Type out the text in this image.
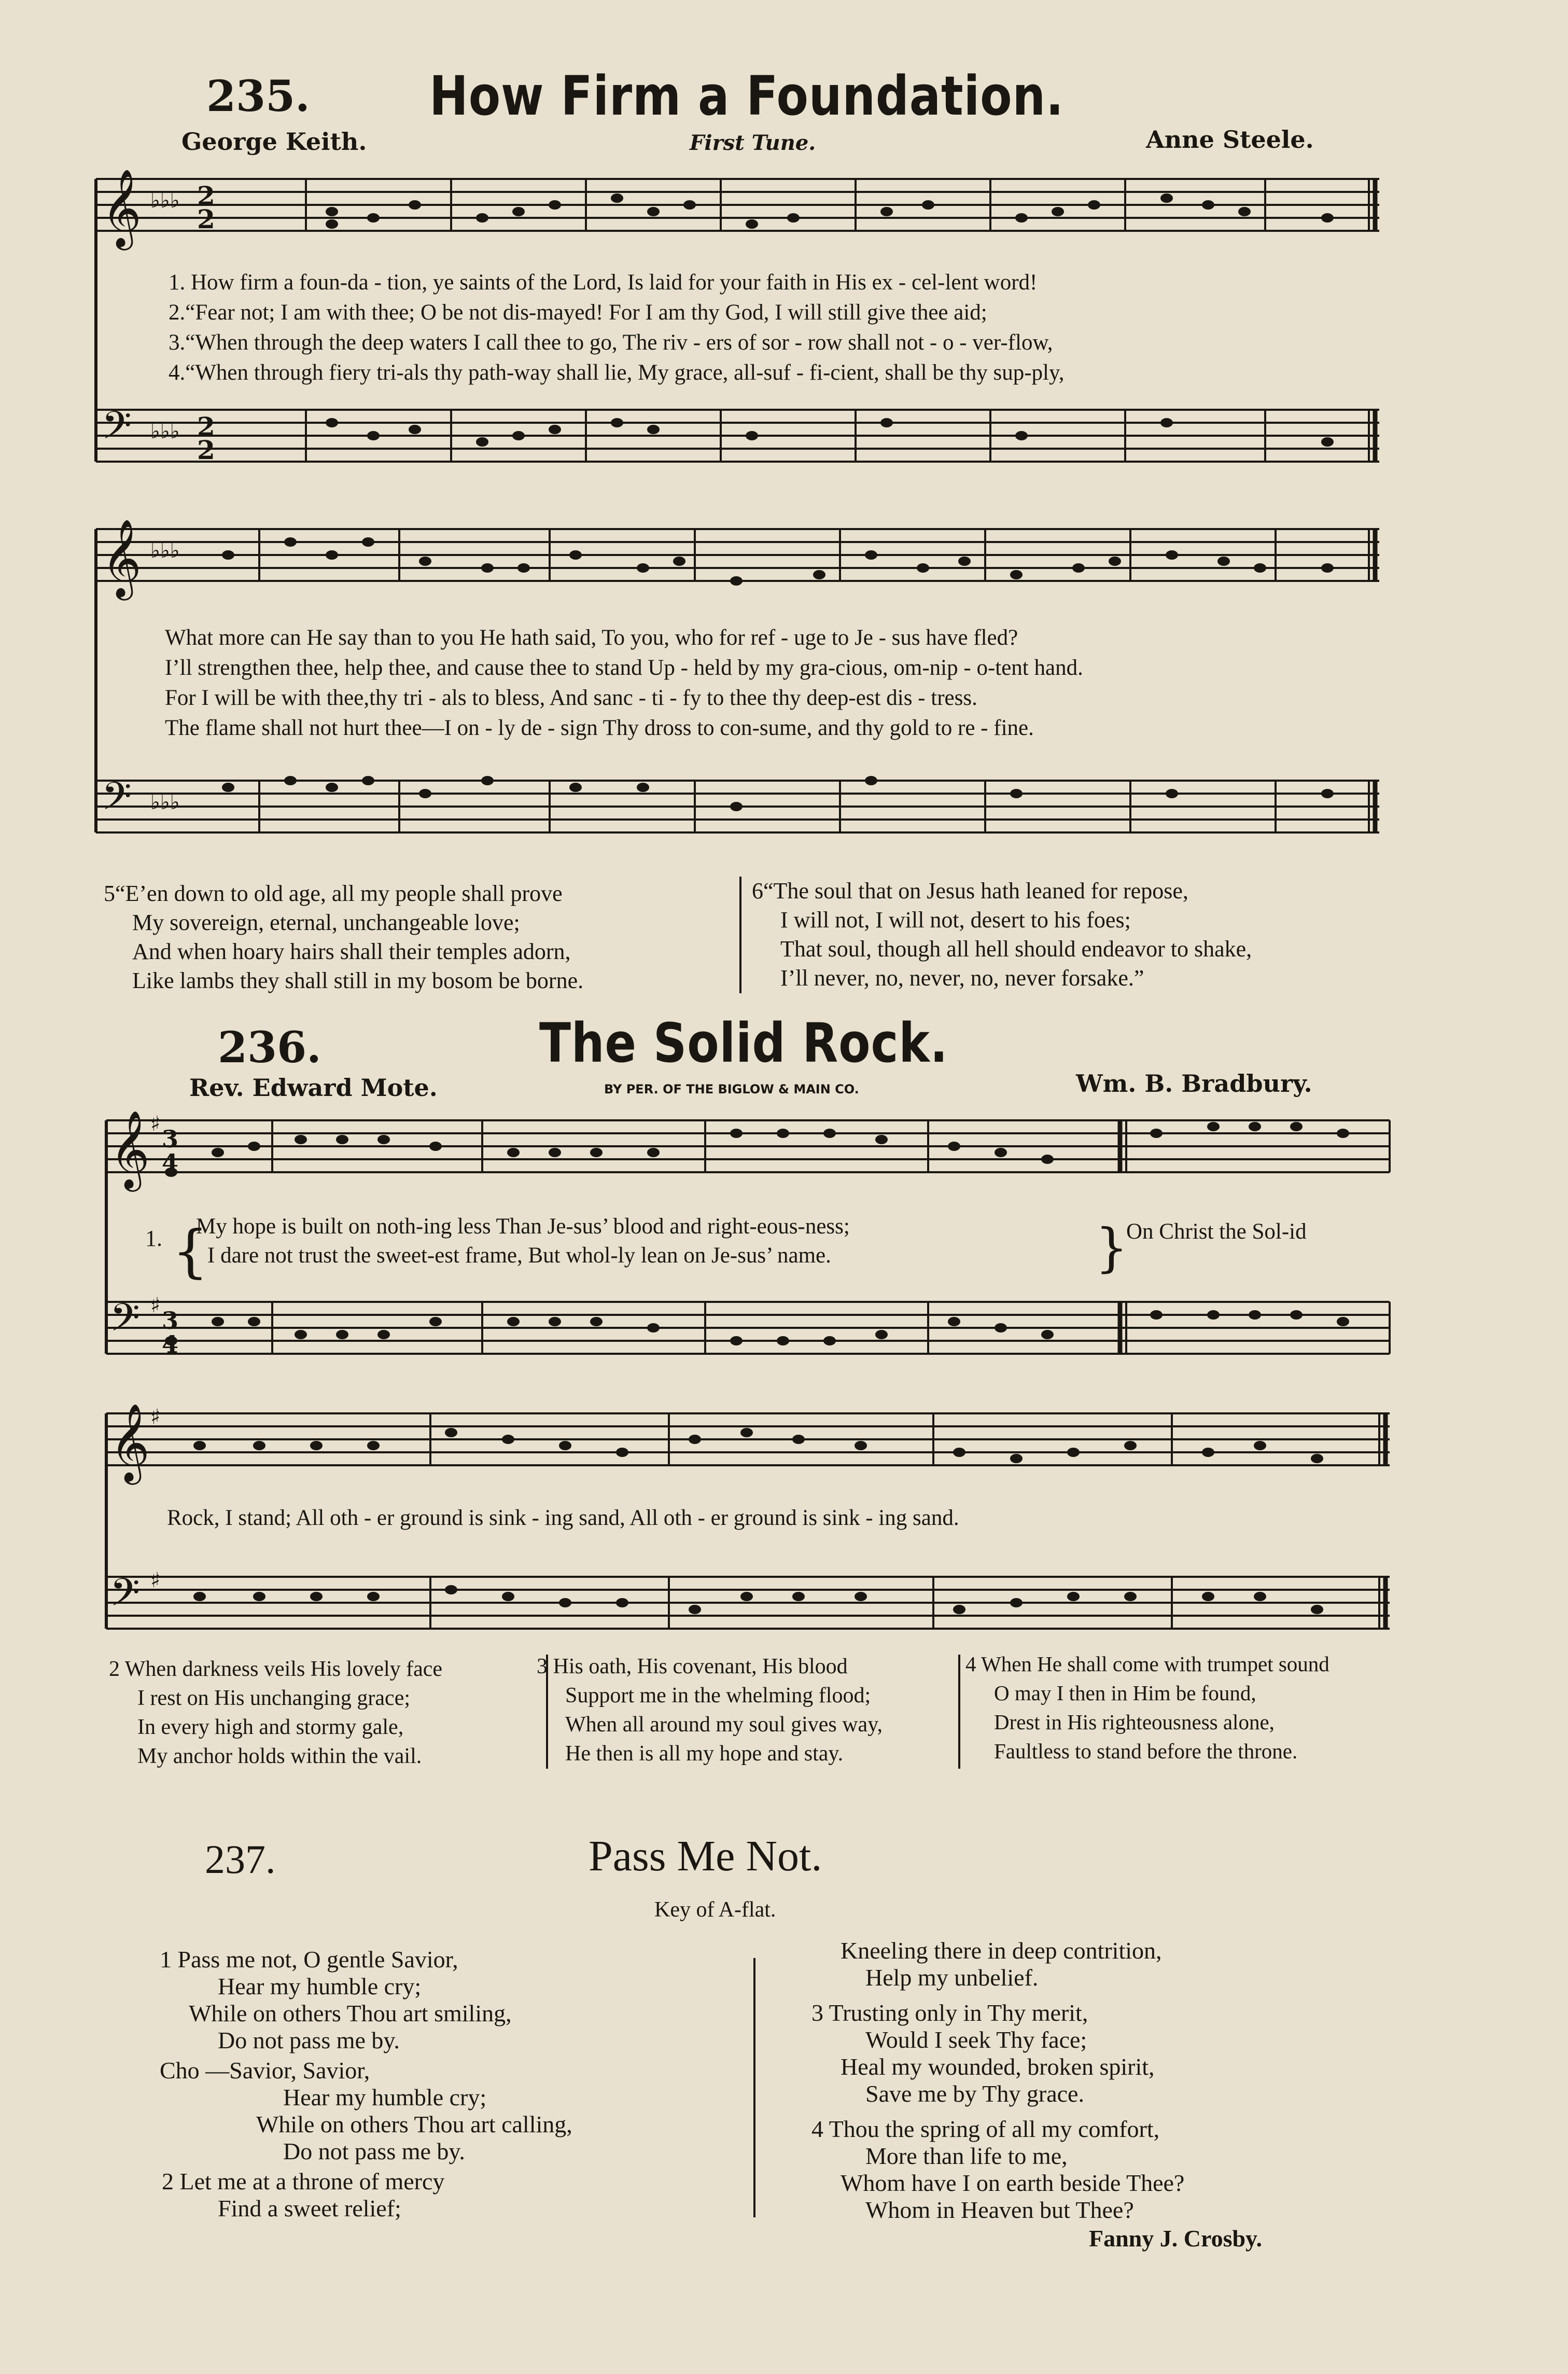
235. How Firm a Foundation.
George Keith.	First Tune.	Anne Steele.
𝄞
𝄢
♭♭♭
♭♭♭
2
2
2
2
𝄞
𝄢
♭♭♭
♭♭♭
1. How firm a foun-da - tion, ye saints of the Lord, Is laid for your faith in His ex - cel-lent word!
2.“Fear not; I am with thee; O be not dis-mayed! For I am thy God, I will still give thee aid;
3.“When through the deep waters I call thee to go, The riv - ers of sor - row shall not - o - ver-flow,
4.“When through fiery tri-als thy path-way shall lie, My grace, all-suf - fi-cient, shall be thy sup-ply,
What more can He say than to you He hath said, To you, who for ref - uge to Je - sus have fled?
I’ll strengthen thee, help thee, and cause thee to stand Up - held by my gra-cious, om-nip - o-tent hand.
For I will be with thee,thy tri - als to bless, And sanc - ti - fy to thee thy deep-est dis - tress.
The flame shall not hurt thee—I on - ly de - sign Thy dross to con-sume, and thy gold to re - fine.
5“E’en down to old age, all my people shall prove
My sovereign, eternal, unchangeable love;
And when hoary hairs shall their temples adorn,
Like lambs they shall still in my bosom be borne.
6“The soul that on Jesus hath leaned for repose,
I will not, I will not, desert to his foes;
That soul, though all hell should endeavor to shake,
I’ll never, no, never, no, never forsake.”
236.	The Solid Rock.
Rev. Edward Mote.	BY PER. OF THE BIGLOW & MAIN CO.	Wm. B. Bradbury.
𝄞
𝄢
♯
♯
3
4
3
4
𝄞
𝄢
♯
♯
{	}
1. My hope is built on noth-ing less Than Je-sus’ blood and right-eous-ness;
I dare not trust the sweet-est frame, But whol-ly lean on Je-sus’ name.
On Christ the Sol-id
Rock, I stand; All oth - er ground is sink - ing sand, All oth - er ground is sink - ing sand.
2 When darkness veils His lovely face
I rest on His unchanging grace;
In every high and stormy gale,
My anchor holds within the vail.
3 His oath, His covenant, His blood
Support me in the whelming flood;
When all around my soul gives way,
He then is all my hope and stay.
4 When He shall come with trumpet sound
O may I then in Him be found,
Drest in His righteousness alone,
Faultless to stand before the throne.
237.	Pass Me Not.
Key of A-flat.
1 Pass me not, O gentle Savior,
Hear my humble cry;
While on others Thou art smiling,
Do not pass me by.
Cho —Savior, Savior,
Hear my humble cry;
While on others Thou art calling,
Do not pass me by.
2 Let me at a throne of mercy
Find a sweet relief;
Kneeling there in deep contrition,
Help my unbelief.
3 Trusting only in Thy merit,
Would I seek Thy face;
Heal my wounded, broken spirit,
Save me by Thy grace.
4 Thou the spring of all my comfort,
More than life to me,
Whom have I on earth beside Thee?
Whom in Heaven but Thee?
Fanny J. Crosby.
